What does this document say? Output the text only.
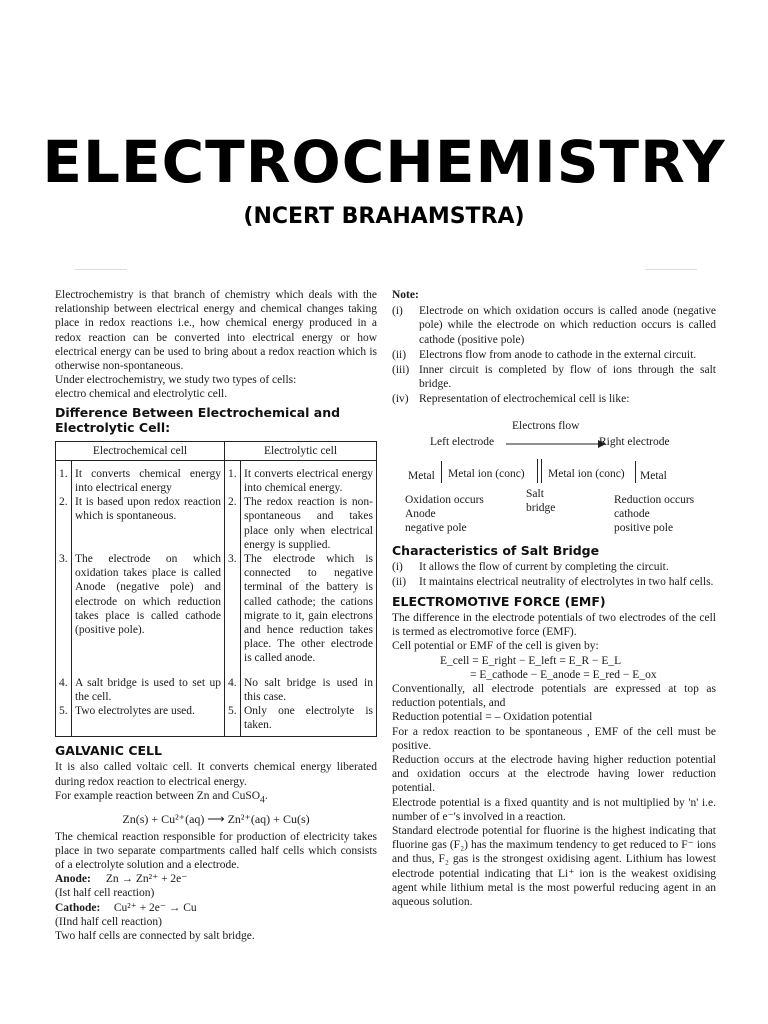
ELECTROCHEMISTRY
(NCERT BRAHAMSTRA)

Electrochemistry is that branch of chemistry which deals with the relationship between electrical energy and chemical changes taking place in redox reactions i.e., how chemical energy produced in a redox reaction can be converted into electrical energy or how electrical energy can be used to bring about a redox reaction which is otherwise non-spontaneous.

Under electrochemistry, we study two types of cells:

electro chemical and electrolytic cell.

Difference Between Electrochemical and Electrolytic Cell:
Electrochemical cell		Electrolytic cell	
1.	It converts chemical energy into electrical energy	1.	It converts electrical energy into chemical energy.
2.	It is based upon redox reaction which is spontaneous.	2.	The redox reaction is non-spontaneous and takes place only when electrical energy is supplied.
3.	The electrode on which oxidation takes place is called Anode (negative pole) and electrode on which reduction takes place is called cathode (positive pole).	3.	The electrode which is connected to negative terminal of the battery is called cathode; the cations migrate to it, gain electrons and hence reduction takes place. The other electrode is called anode.
4.	A salt bridge is used to set up the cell.	4.	No salt bridge is used in this case.
5.	Two electrolytes are used.	5.	Only one electrolyte is taken.
GALVANIC CELL

It is also called voltaic cell. It converts chemical energy liberated during redox reaction to electrical energy.

For example reaction between Zn and CuSO$_4$.

Zn(s) + Cu²⁺(aq) ⟶ Zn²⁺(aq) + Cu(s)

The chemical reaction responsible for production of electricity takes place in two separate compartments called half cells which consists of a electrolyte solution and a electrode.

Anode: Zn → Zn²⁺ + 2e⁻
(Ist half cell reaction)
Cathode: Cu²⁺ + 2e⁻ → Cu
(IInd half cell reaction)

Two half cells are connected by salt bridge.

Note:
(i) Electrode on which oxidation occurs is called anode (negative pole) while the electrode on which reduction occurs is called cathode (positive pole)
(ii) Electrons flow from anode to cathode in the external circuit.
(iii) Inner circuit is completed by flow of ions through the salt bridge.
(iv) Representation of electrochemical cell is like:
Electrons flow
Left electrode	Right electrode
Metal Metal ion (conc) Metal ion (conc) Metal
Oxidation occurs
Anode
negative pole
Salt
bridge
Reduction occurs
cathode
positive pole
Characteristics of Salt Bridge
(i) It allows the flow of current by completing the circuit.
(ii) It maintains electrical neutrality of electrolytes in two half cells.
ELECTROMOTIVE FORCE (EMF)

The difference in the electrode potentials of two electrodes of the cell is termed as electromotive force (EMF).

Cell potential or EMF of the cell is given by:

E_cell = E_right − E_left = E_R − E_L
= E_cathode − E_anode = E_red − E_ox

Conventionally, all electrode potentials are expressed at top as reduction potentials, and

Reduction potential = – Oxidation potential

For a redox reaction to be spontaneous , EMF of the cell must be positive.

Reduction occurs at the electrode having higher reduction potential and oxidation occurs at the electrode having lower reduction potential.

Electrode potential is a fixed quantity and is not multiplied by 'n' i.e. number of e⁻'s involved in a reaction.

Standard electrode potential for fluorine is the highest indicating that fluorine gas (F₂) has the maximum tendency to get reduced to F⁻ ions and thus, F₂ gas is the strongest oxidising agent. Lithium has lowest electrode potential indicating that Li⁺ ion is the weakest oxidising agent while lithium metal is the most powerful reducing agent in an aqueous solution.
